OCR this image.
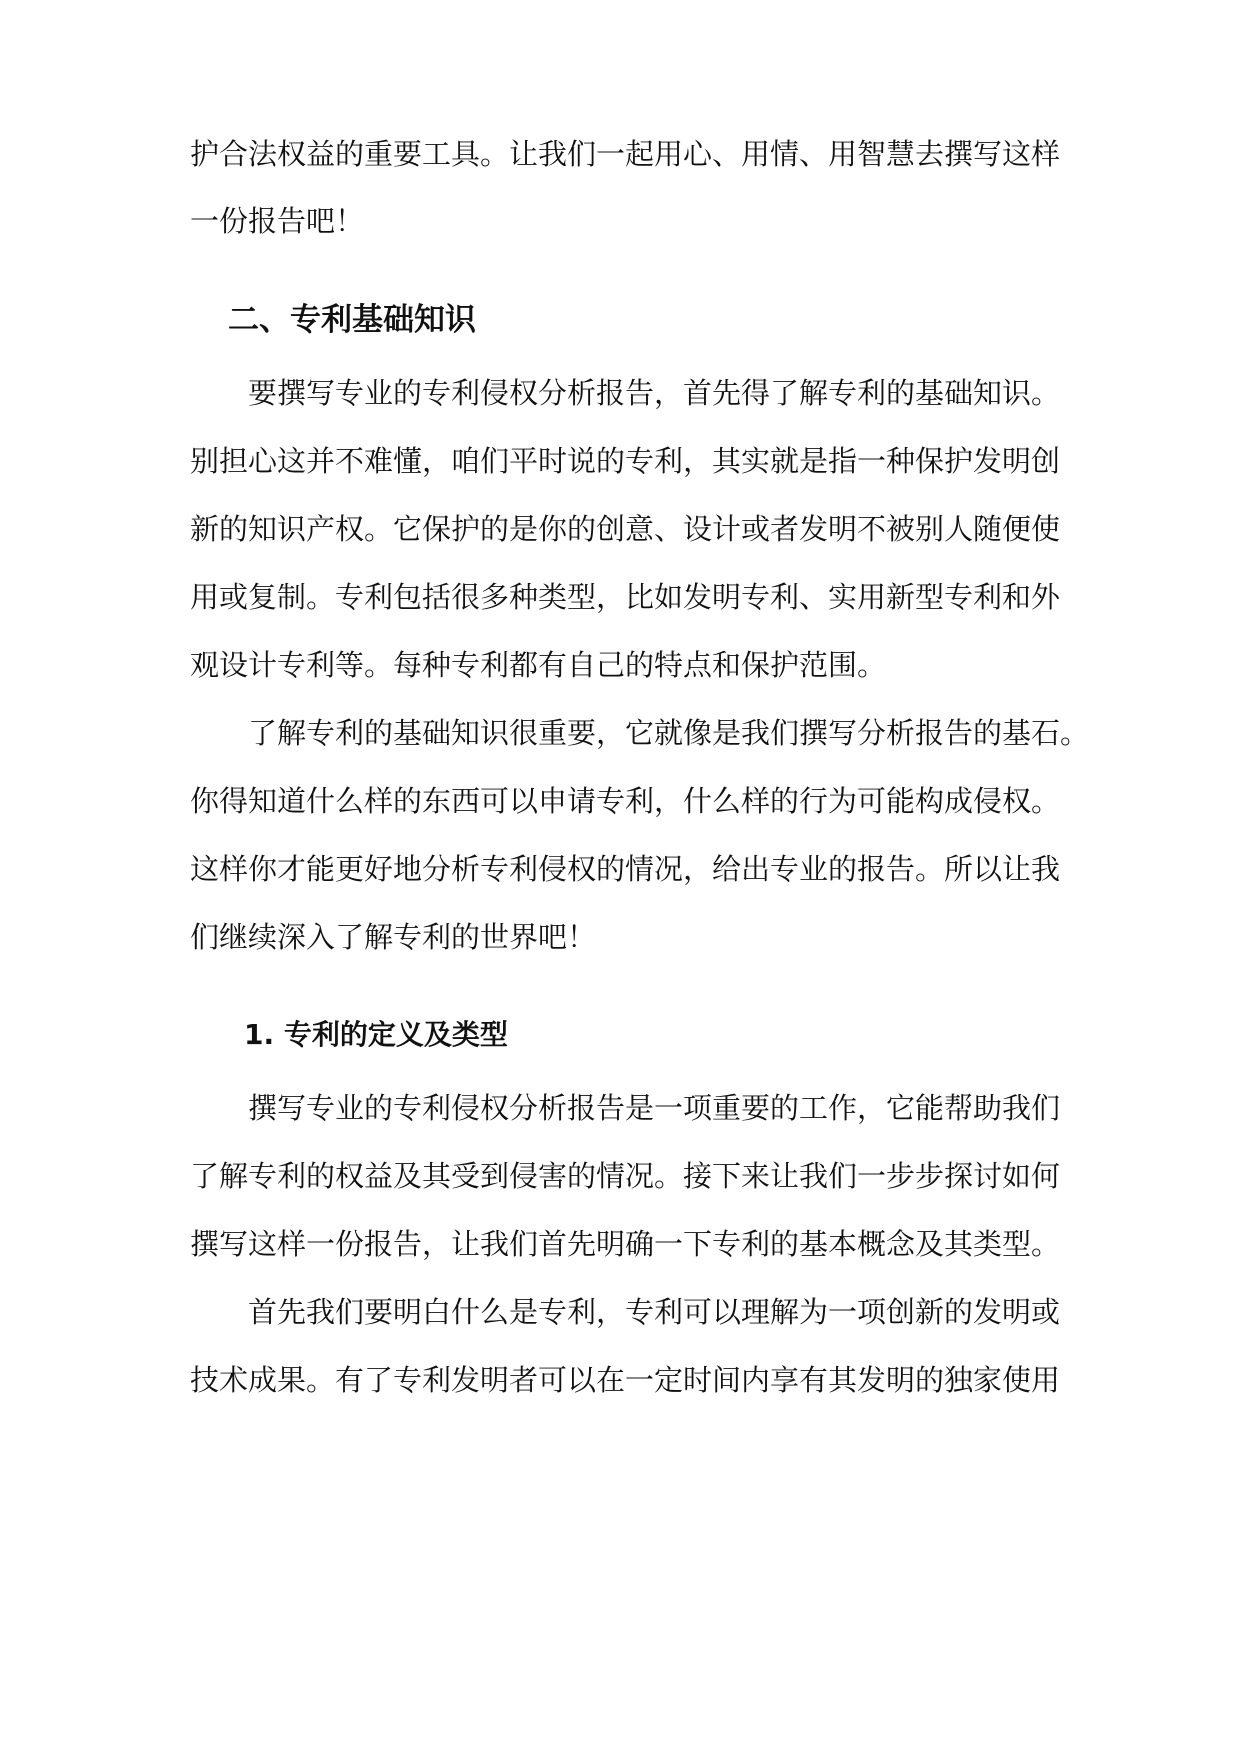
护合法权益的重要工具。让我们一起用心、用情、用智慧去撰写这样

一份报告吧！

二、专利基础知识

要撰写专业的专利侵权分析报告，首先得了解专利的基础知识。

别担心这并不难懂，咱们平时说的专利，其实就是指一种保护发明创

新的知识产权。它保护的是你的创意、设计或者发明不被别人随便使

用或复制。专利包括很多种类型，比如发明专利、实用新型专利和外

观设计专利等。每种专利都有自己的特点和保护范围。

了解专利的基础知识很重要，它就像是我们撰写分析报告的基石。

你得知道什么样的东西可以申请专利，什么样的行为可能构成侵权。

这样你才能更好地分析专利侵权的情况，给出专业的报告。所以让我

们继续深入了解专利的世界吧！

1. 专利的定义及类型

撰写专业的专利侵权分析报告是一项重要的工作，它能帮助我们

了解专利的权益及其受到侵害的情况。接下来让我们一步步探讨如何

撰写这样一份报告，让我们首先明确一下专利的基本概念及其类型。

首先我们要明白什么是专利，专利可以理解为一项创新的发明或

技术成果。有了专利发明者可以在一定时间内享有其发明的独家使用
